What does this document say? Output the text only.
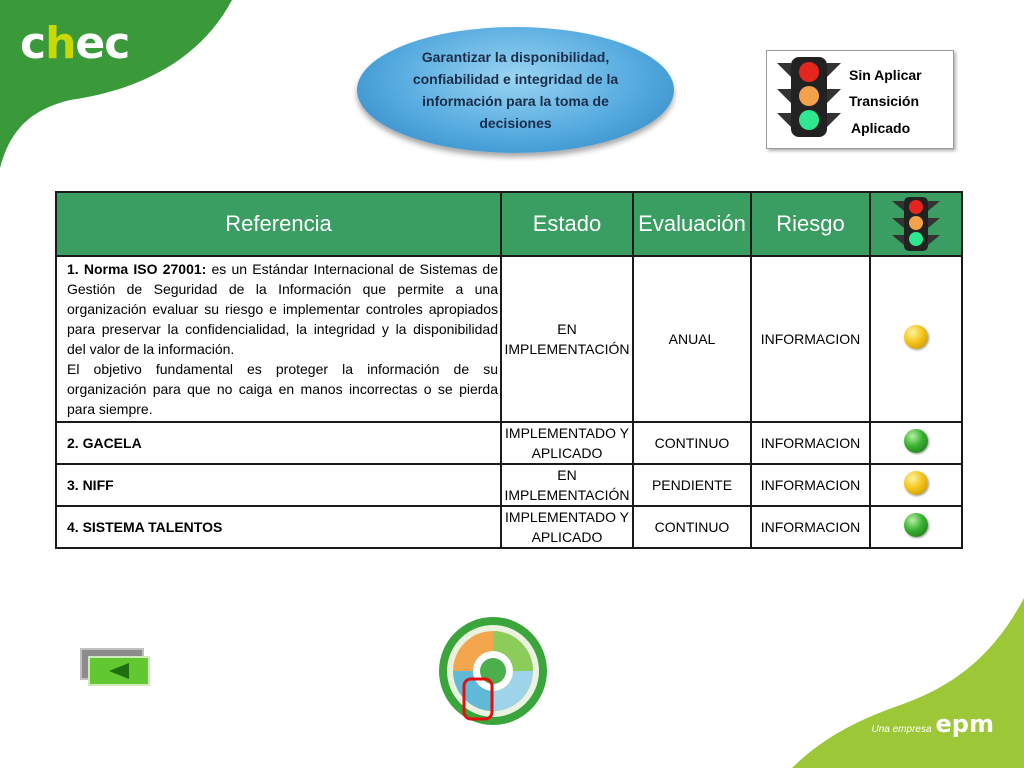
chec
Una empresa epm
Garantizar la disponibilidad, confiabilidad e integridad de la información para la toma de decisiones
Sin Aplicar
Transición
Aplicado
Referencia	Estado	Evaluación	Riesgo	

1. Norma ISO 27001: es un Estándar Internacional de Sistemas de Gestión de Seguridad de la Información que permite a una organización evaluar su riesgo e implementar controles apropiados para preservar la confidencialidad, la integridad y la disponibilidad del valor de la información.
El objetivo fundamental es proteger la información de su organización para que no caiga en manos incorrectas o se pierda para siempre.	EN IMPLEMENTACIÓN	ANUAL	INFORMACION	
2. GACELA	IMPLEMENTADO Y APLICADO	CONTINUO	INFORMACION	
3. NIFF	EN IMPLEMENTACIÓN	PENDIENTE	INFORMACION	
4. SISTEMA TALENTOS	IMPLEMENTADO Y APLICADO	CONTINUO	INFORMACION	
